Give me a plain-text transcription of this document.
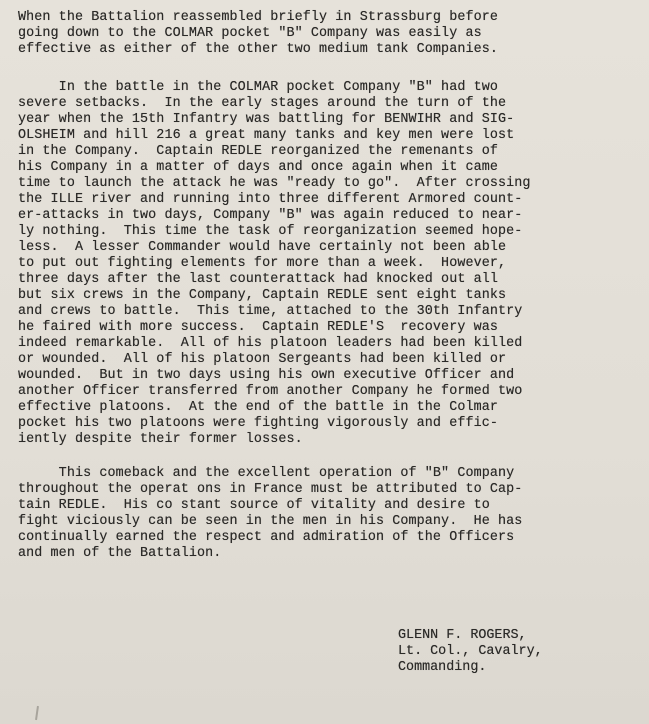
When the Battalion reassembled briefly in Strassburg before
going down to the COLMAR pocket "B" Company was easily as
effective as either of the other two medium tank Companies.

In the battle in the COLMAR pocket Company "B" had two
severe setbacks.  In the early stages around the turn of the
year when the 15th Infantry was battling for BENWIHR and SIG-
OLSHEIM and hill 216 a great many tanks and key men were lost
in the Company.  Captain REDLE reorganized the remenants of
his Company in a matter of days and once again when it came
time to launch the attack he was "ready to go".  After crossing
the ILLE river and running into three different Armored count-
er-attacks in two days, Company "B" was again reduced to near-
ly nothing.  This time the task of reorganization seemed hope-
less.  A lesser Commander would have certainly not been able
to put out fighting elements for more than a week.  However,
three days after the last counterattack had knocked out all
but six crews in the Company, Captain REDLE sent eight tanks
and crews to battle.  This time, attached to the 30th Infantry
he faired with more success.  Captain REDLE'S  recovery was
indeed remarkable.  All of his platoon leaders had been killed
or wounded.  All of his platoon Sergeants had been killed or
wounded.  But in two days using his own executive Officer and
another Officer transferred from another Company he formed two
effective platoons.  At the end of the battle in the Colmar
pocket his two platoons were fighting vigorously and effic-
iently despite their former losses.

This comeback and the excellent operation of "B" Company
throughout the operat ons in France must be attributed to Cap-
tain REDLE.  His co stant source of vitality and desire to
fight viciously can be seen in the men in his Company.  He has
continually earned the respect and admiration of the Officers
and men of the Battalion.

GLENN F. ROGERS,
Lt. Col., Cavalry,
Commanding.
